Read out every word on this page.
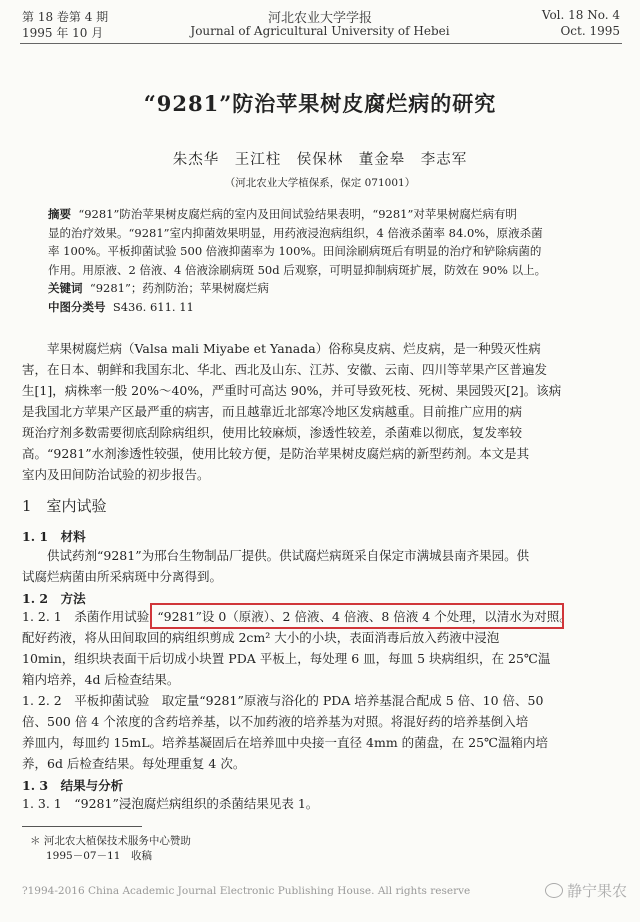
第 18 卷第 4 期
1995 年 10 月
河北农业大学学报
Journal of Agricultural University of Hebei
Vol. 18 No. 4
Oct. 1995
“9281”防治苹果树皮腐烂病的研究
朱杰华　王江柱　侯保林　董金皋　李志军
（河北农业大学植保系，保定 071001）
摘要 “9281”防治苹果树皮腐烂病的室内及田间试验结果表明，“9281”对苹果树腐烂病有明
显的治疗效果。“9281”室内抑菌效果明显，用药液浸泡病组织，4 倍液杀菌率 84.0%，原液杀菌
率 100%。平板抑菌试验 500 倍液抑菌率为 100%。田间涂刷病斑后有明显的治疗和铲除病菌的
作用。用原液、2 倍液、4 倍液涂刷病斑 50d 后观察，可明显抑制病斑扩展，防效在 90% 以上。
关键词 “9281”；药剂防治；苹果树腐烂病
中图分类号 S436. 611. 11
苹果树腐烂病（Valsa mali Miyabe et Yanada）俗称臭皮病、烂皮病，是一种毁灭性病
害，在日本、朝鲜和我国东北、华北、西北及山东、江苏、安徽、云南、四川等苹果产区普遍发
生[1]，病株率一般 20%～40%，严重时可高达 90%，并可导致死枝、死树、果园毁灭[2]。该病
是我国北方苹果产区最严重的病害，而且越靠近北部寒冷地区发病越重。目前推广应用的病
斑治疗剂多数需要彻底刮除病组织，使用比较麻烦，渗透性较差，杀菌难以彻底，复发率较
高。“9281”水剂渗透性较强，使用比较方便，是防治苹果树皮腐烂病的新型药剂。本文是其
室内及田间防治试验的初步报告。
1　室内试验
1. 1　材料
供试药剂“9281”为邢台生物制品厂提供。供试腐烂病斑采自保定市满城县南齐果园。供
试腐烂病菌由所采病斑中分离得到。
1. 2　方法
1. 2. 1　杀菌作用试验 “9281”设 0（原液）、2 倍液、4 倍液、8 倍液 4 个处理，以清水为对照。
配好药液，将从田间取回的病组织剪成 2cm² 大小的小块，表面消毒后放入药液中浸泡
10min，组织块表面干后切成小块置 PDA 平板上，每处理 6 皿，每皿 5 块病组织，在 25℃温
箱内培养，4d 后检查结果。
1. 2. 2　平板抑菌试验　取定量“9281”原液与浴化的 PDA 培养基混合配成 5 倍、10 倍、50
倍、500 倍 4 个浓度的含药培养基，以不加药液的培养基为对照。将混好药的培养基倒入培
养皿内，每皿约 15mL。培养基凝固后在培养皿中央接一直径 4mm 的菌盘，在 25℃温箱内培
养，6d 后检查结果。每处理重复 4 次。
1. 3　结果与分析
1. 3. 1　“9281”浸泡腐烂病组织的杀菌结果见表 1。
＊ 河北农大植保技术服务中心赞助
1995－07－11　收稿
?1994-2016 China Academic Journal Electronic Publishing House. All rights reserve	静宁果农
